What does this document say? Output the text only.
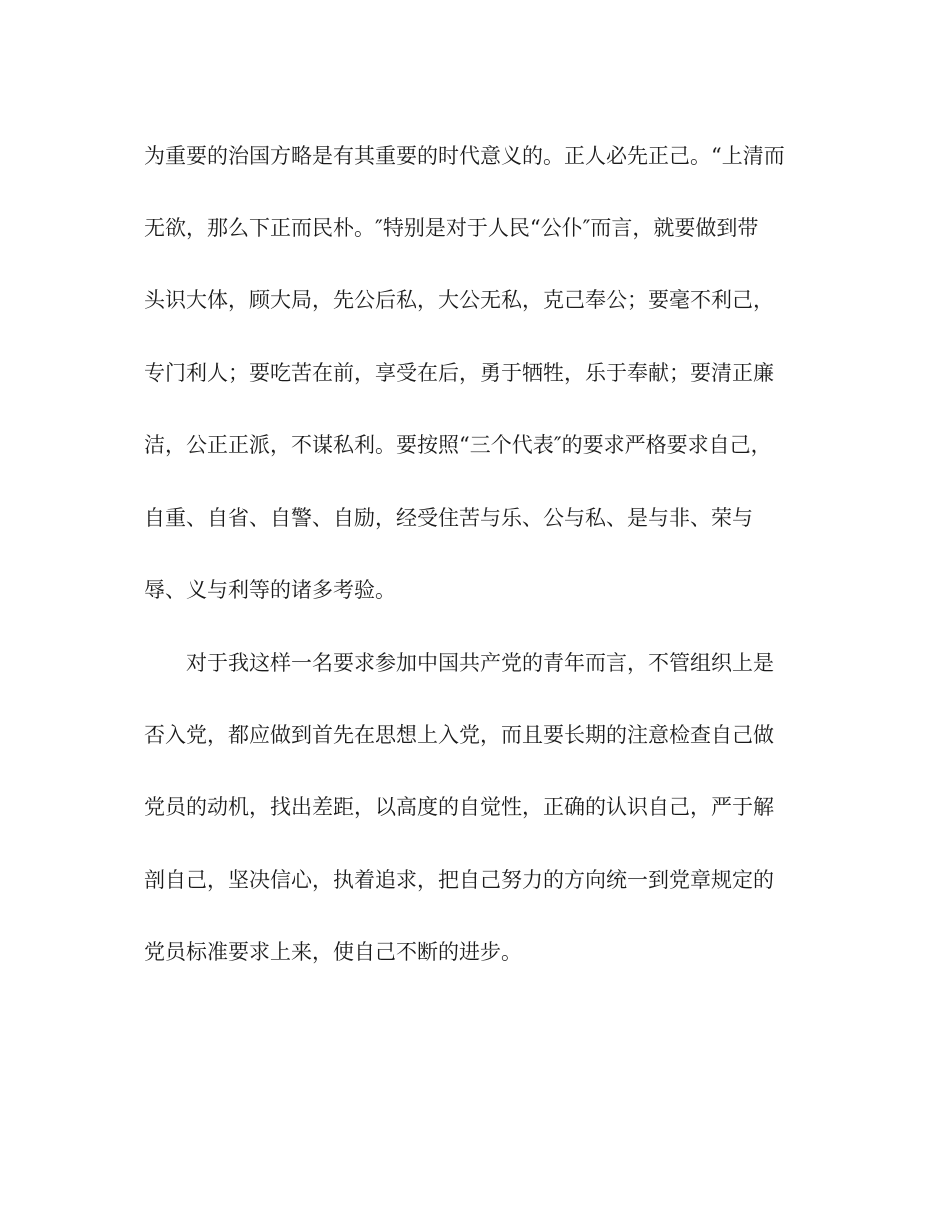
为重要的治国方略是有其重要的时代意义的。正人必先正己。“上清而

无欲，那么下正而民朴。″特别是对于人民“公仆″而言，就要做到带

头识大体，顾大局，先公后私，大公无私，克己奉公；要毫不利己，

专门利人；要吃苦在前，享受在后，勇于牺牲，乐于奉献；要清正廉

洁，公正正派，不谋私利。要按照“三个代表″的要求严格要求自己，

自重、自省、自警、自励，经受住苦与乐、公与私、是与非、荣与

辱、义与利等的诸多考验。

对于我这样一名要求参加中国共产党的青年而言，不管组织上是

否入党，都应做到首先在思想上入党，而且要长期的注意检查自己做

党员的动机，找出差距，以高度的自觉性，正确的认识自己，严于解

剖自己，坚决信心，执着追求，把自己努力的方向统一到党章规定的

党员标准要求上来，使自己不断的进步。
